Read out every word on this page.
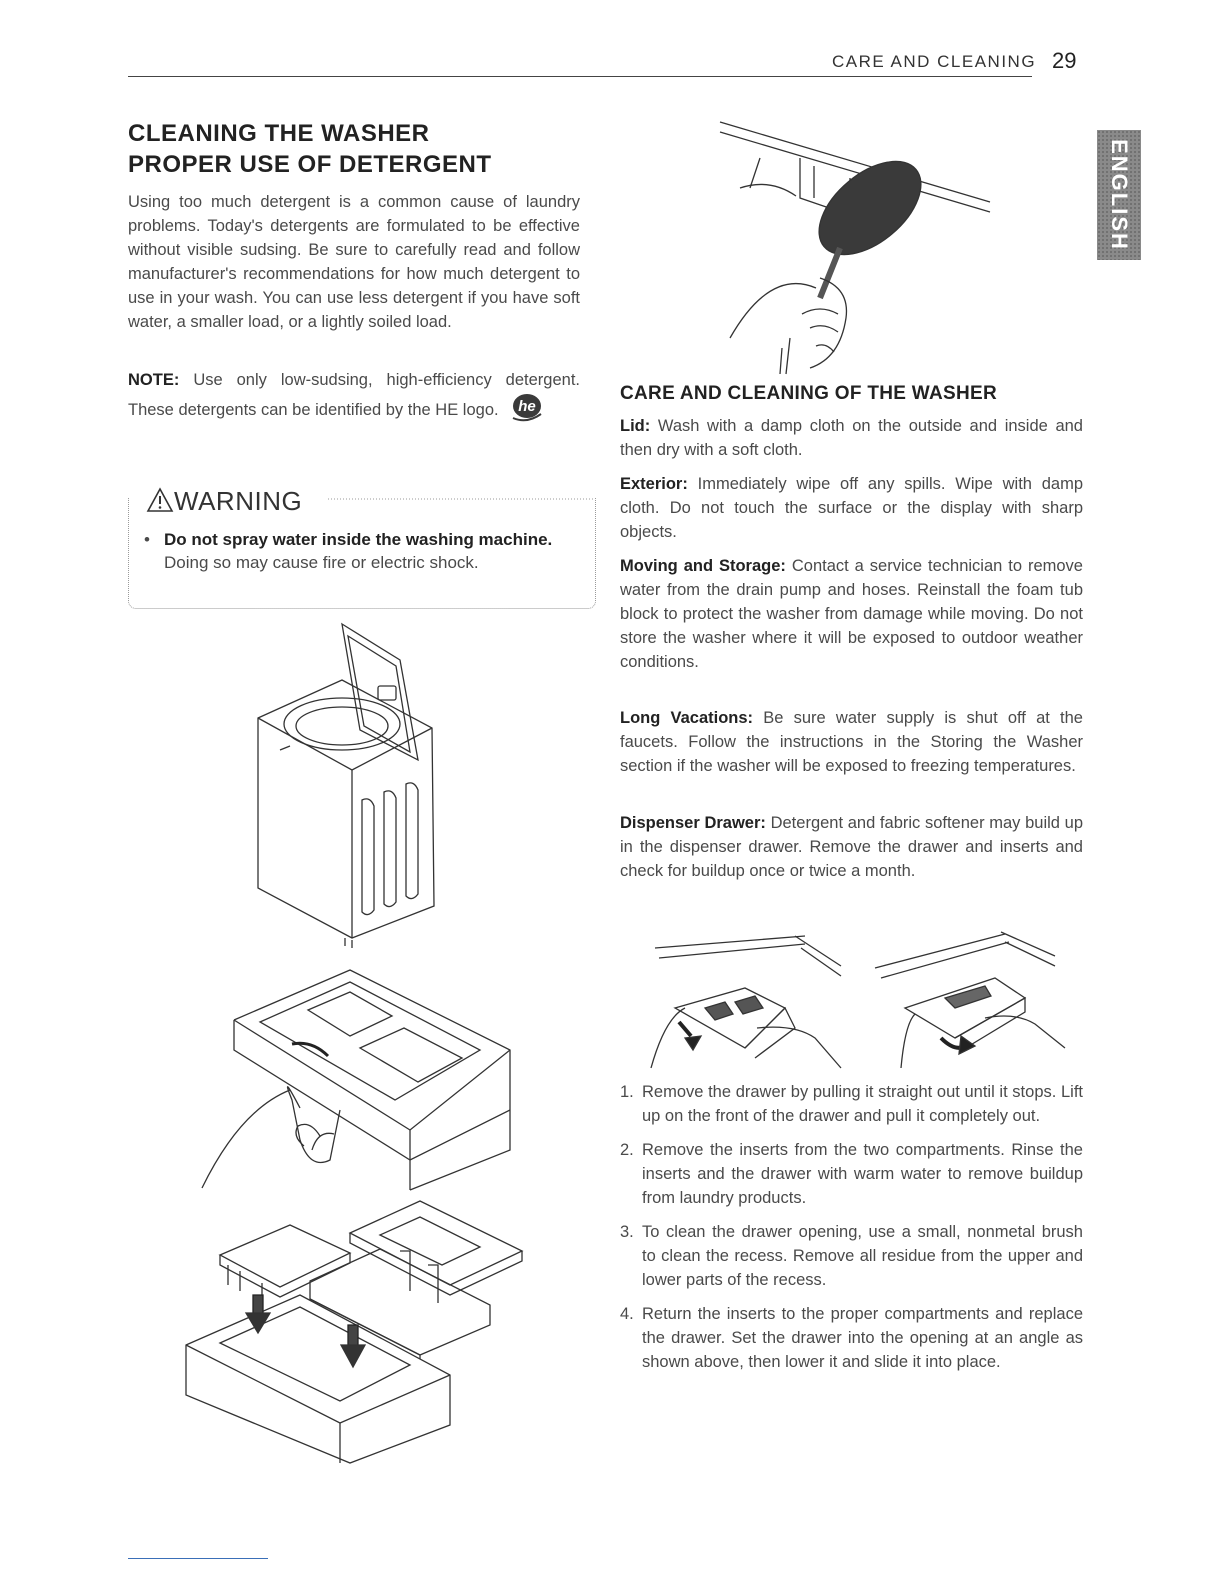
CARE AND CLEANING 29
ENGLISH
CLEANING THE WASHER
PROPER USE OF DETERGENT
Using too much detergent is a common cause of laundry problems. Today's detergents are formulated to be effective without visible sudsing. Be sure to carefully read and follow manufacturer's recommendations for how much detergent to use in your wash. You can use less detergent if you have soft water, a smaller load, or a lightly soiled load.
NOTE: Use only low-sudsing, high-efficiency detergent. These detergents can be identified by the HE logo. he
WARNING
• Do not spray water inside the washing machine. Doing so may cause fire or electric shock.
CARE AND CLEANING OF THE WASHER
Lid: Wash with a damp cloth on the outside and inside and then dry with a soft cloth.
Exterior: Immediately wipe off any spills. Wipe with damp cloth. Do not touch the surface or the display with sharp objects.
Moving and Storage: Contact a service technician to remove water from the drain pump and hoses. Reinstall the foam tub block to protect the washer from damage while moving. Do not store the washer where it will be exposed to outdoor weather conditions.
Long Vacations: Be sure water supply is shut off at the faucets. Follow the instructions in the Storing the Washer section if the washer will be exposed to freezing temperatures.
Dispenser Drawer: Detergent and fabric softener may build up in the dispenser drawer. Remove the drawer and inserts and check for buildup once or twice a month.
1. Remove the drawer by pulling it straight out until it stops. Lift up on the front of the drawer and pull it completely out.
2. Remove the inserts from the two compartments. Rinse the inserts and the drawer with warm water to remove buildup from laundry products.
3. To clean the drawer opening, use a small, nonmetal brush to clean the recess. Remove all residue from the upper and lower parts of the recess.
4. Return the inserts to the proper compartments and replace the drawer. Set the drawer into the opening at an angle as shown above, then lower it and slide it into place.
